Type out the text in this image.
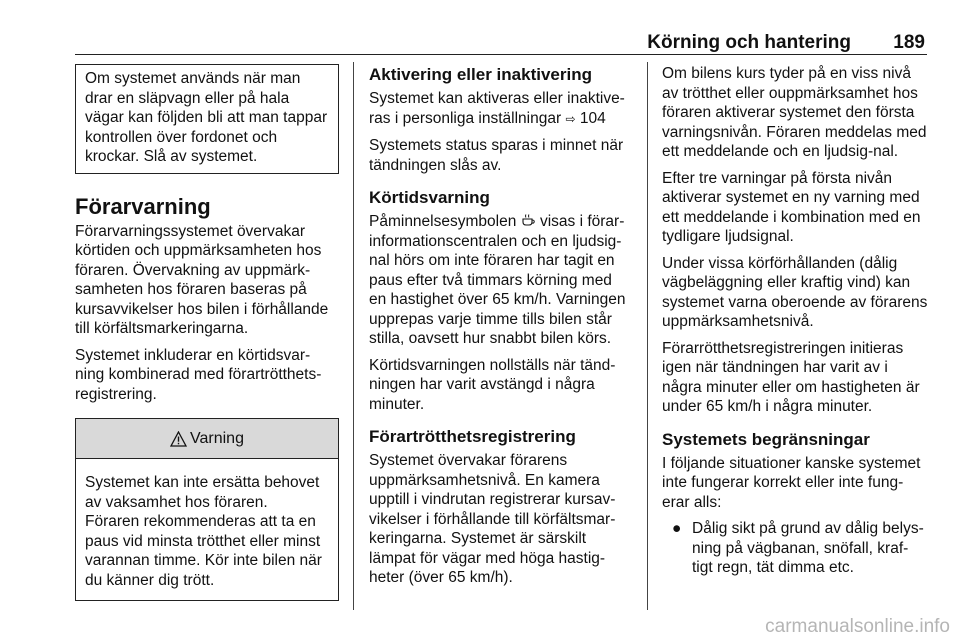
Körning och hantering 189
Om systemet används när man drar en släpvagn eller på hala vägar kan följden bli att man tappar kontrollen över fordonet och krockar. Slå av systemet.
Förarvarning

Förarvarningssystemet övervakar körtiden och uppmärksamheten hos föraren. Övervakning av uppmärk-samheten hos föraren baseras på kursavvikelser hos bilen i förhållande till körfältsmarkeringarna.

Systemet inkluderar en körtidsvar-ning kombinerad med förartrötthets-registrering.

Varning
Systemet kan inte ersätta behovet av vaksamhet hos föraren.
Föraren rekommenderas att ta en paus vid minsta trötthet eller minst varannan timme. Kör inte bilen när du känner dig trött.
Aktivering eller inaktivering

Systemet kan aktiveras eller inaktive-ras i personliga inställningar ⇨ 104

Systemets status sparas i minnet när tändningen slås av.

Körtidsvarning

Påminnelsesymbolen visas i förar-informationscentralen och en ljudsig-nal hörs om inte föraren har tagit en paus efter två timmars körning med en hastighet över 65 km/h. Varningen upprepas varje timme tills bilen står stilla, oavsett hur snabbt bilen körs.

Körtidsvarningen nollställs när tänd-ningen har varit avstängd i några minuter.

Förartrötthetsregistrering

Systemet övervakar förarens uppmärksamhetsnivå. En kamera upptill i vindrutan registrerar kursav-vikelser i förhållande till körfältsmar-keringarna. Systemet är särskilt lämpat för vägar med höga hastig-heter (över 65 km/h).

Om bilens kurs tyder på en viss nivå av trötthet eller ouppmärksamhet hos föraren aktiverar systemet den första varningsnivån. Föraren meddelas med ett meddelande och en ljudsig-nal.

Efter tre varningar på första nivån aktiverar systemet en ny varning med ett meddelande i kombination med en tydligare ljudsignal.

Under vissa körförhållanden (dålig vägbeläggning eller kraftig vind) kan systemet varna oberoende av förarens uppmärksamhetsnivå.

Förarrötthetsregistreringen initieras igen när tändningen har varit av i några minuter eller om hastigheten är under 65 km/h i några minuter.

Systemets begränsningar

I följande situationer kanske systemet inte fungerar korrekt eller inte fung-erar alls:

● Dålig sikt på grund av dålig belys-ning på vägbanan, snöfall, kraf-tigt regn, tät dimma etc.
carmanualsonline.info
